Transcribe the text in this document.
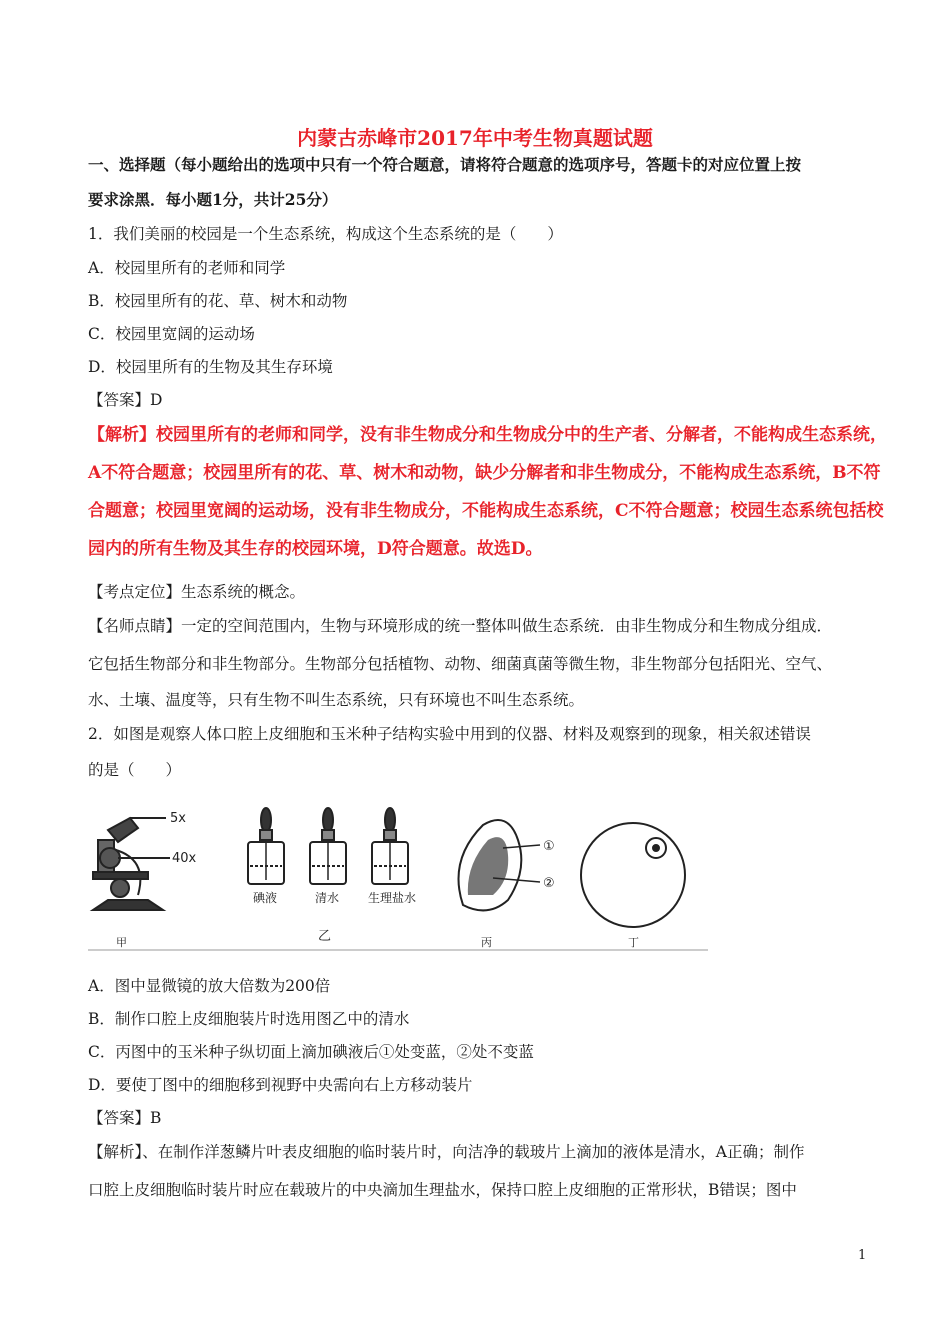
内蒙古赤峰市2017年中考生物真题试题
一、选择题（每小题给出的选项中只有一个符合题意，请将符合题意的选项序号，答题卡的对应位置上按
要求涂黑．每小题1分，共计25分）
1．我们美丽的校园是一个生态系统，构成这个生态系统的是（　　）
A．校园里所有的老师和同学
B．校园里所有的花、草、树木和动物
C．校园里宽阔的运动场
D．校园里所有的生物及其生存环境
【答案】D
【解析】校园里所有的老师和同学，没有非生物成分和生物成分中的生产者、分解者，不能构成生态系统，
A不符合题意；校园里所有的花、草、树木和动物，缺少分解者和非生物成分，不能构成生态系统，B不符
合题意；校园里宽阔的运动场，没有非生物成分，不能构成生态系统，C不符合题意；校园生态系统包括校
园内的所有生物及其生存的校园环境，D符合题意。故选D。
【考点定位】生态系统的概念。
【名师点睛】一定的空间范围内，生物与环境形成的统一整体叫做生态系统．由非生物成分和生物成分组成．
它包括生物部分和非生物部分。生物部分包括植物、动物、细菌真菌等微生物，非生物部分包括阳光、空气、
水、土壤、温度等，只有生物不叫生态系统，只有环境也不叫生态系统。
2．如图是观察人体口腔上皮细胞和玉米种子结构实验中用到的仪器、材料及观察到的现象，相关叙述错误
的是（　　）
5x
40x
碘液	清水 生理盐水
①
②
甲	乙	丙	丁
A．图中显微镜的放大倍数为200倍
B．制作口腔上皮细胞装片时选用图乙中的清水
C．丙图中的玉米种子纵切面上滴加碘液后①处变蓝，②处不变蓝
D．要使丁图中的细胞移到视野中央需向右上方移动装片
【答案】B
【解析】、在制作洋葱鳞片叶表皮细胞的临时装片时，向洁净的载玻片上滴加的液体是清水，A正确；制作
口腔上皮细胞临时装片时应在载玻片的中央滴加生理盐水，保持口腔上皮细胞的正常形状，B错误；图中
1
